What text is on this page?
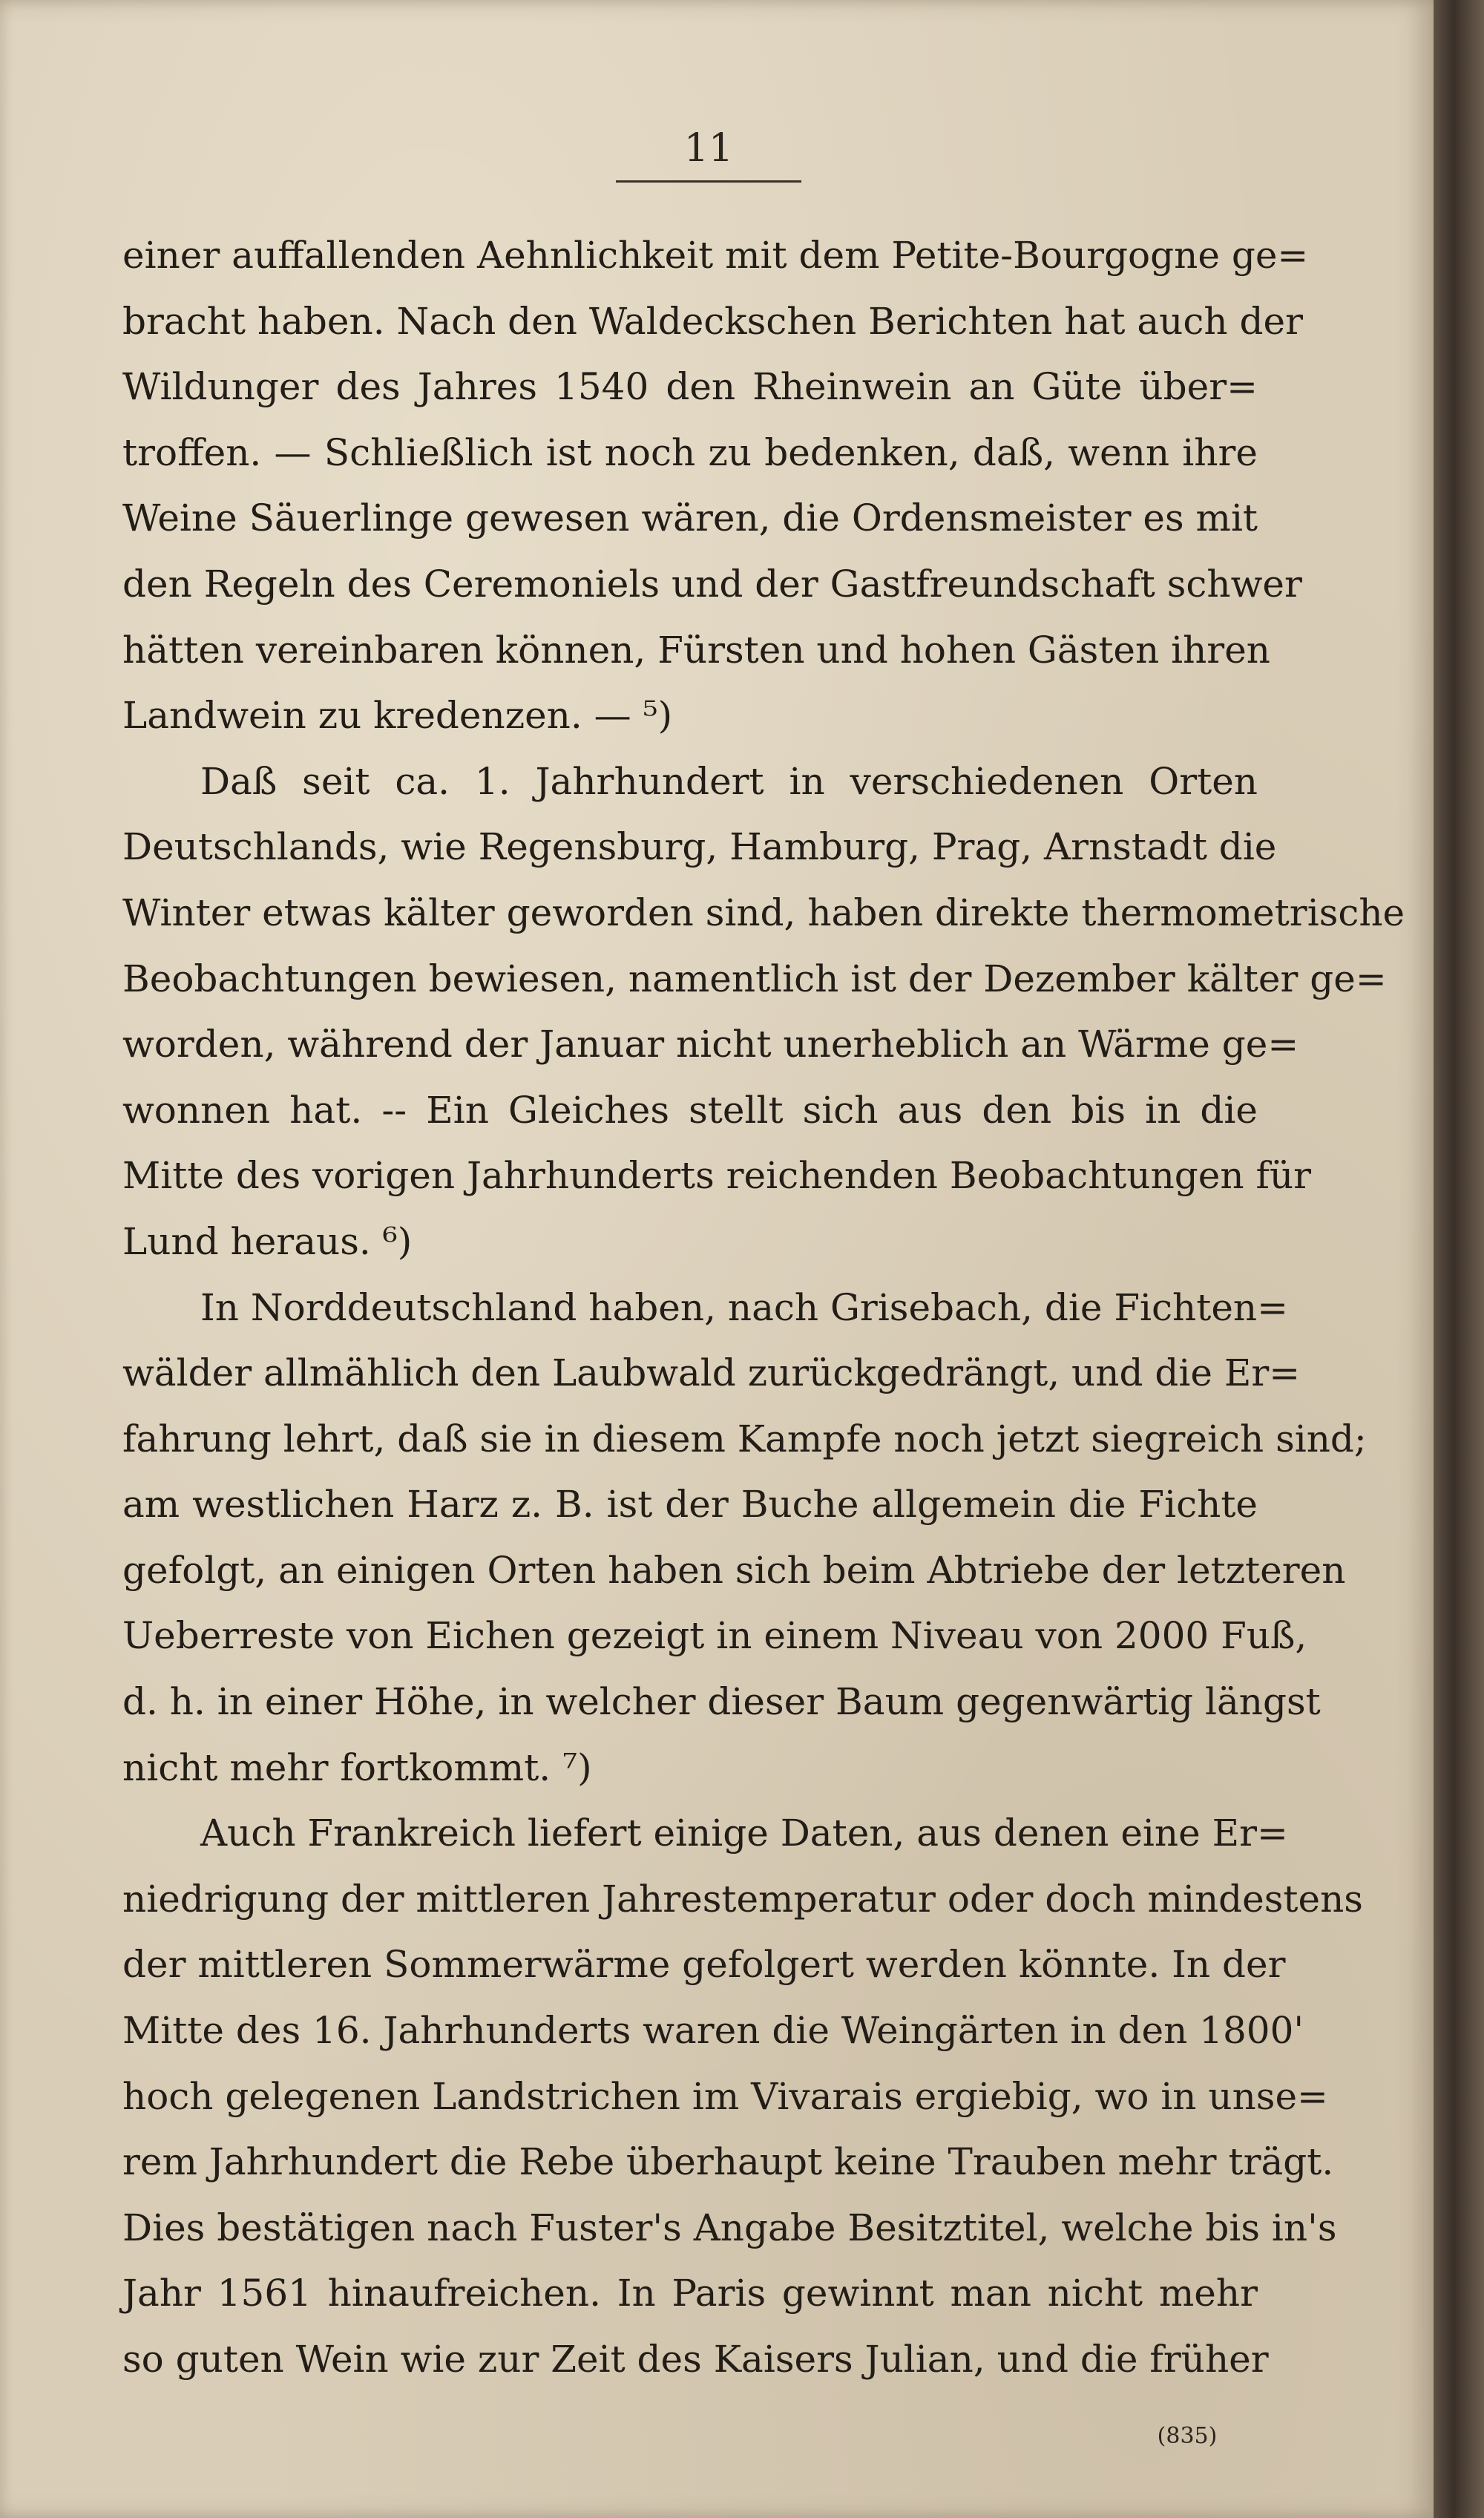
11
einer auffallenden Aehnlichkeit mit dem Petite-Bourgogne ge=
bracht haben. Nach den Waldeckschen Berichten hat auch der
Wildunger des Jahres 1540 den Rheinwein an Güte über=
troffen. — Schließlich ist noch zu bedenken, daß, wenn ihre
Weine Säuerlinge gewesen wären, die Ordensmeister es mit
den Regeln des Ceremoniels und der Gastfreundschaft schwer
hätten vereinbaren können, Fürsten und hohen Gästen ihren
Landwein zu kredenzen. — ⁵)
Daß seit ca. 1. Jahrhundert in verschiedenen Orten
Deutschlands, wie Regensburg, Hamburg, Prag, Arnstadt die
Winter etwas kälter geworden sind, haben direkte thermometrische
Beobachtungen bewiesen, namentlich ist der Dezember kälter ge=
worden, während der Januar nicht unerheblich an Wärme ge=
wonnen hat. -- Ein Gleiches stellt sich aus den bis in die
Mitte des vorigen Jahrhunderts reichenden Beobachtungen für
Lund heraus. ⁶)
In Norddeutschland haben, nach Grisebach, die Fichten=
wälder allmählich den Laubwald zurückgedrängt, und die Er=
fahrung lehrt, daß sie in diesem Kampfe noch jetzt siegreich sind;
am westlichen Harz z. B. ist der Buche allgemein die Fichte
gefolgt, an einigen Orten haben sich beim Abtriebe der letzteren
Ueberreste von Eichen gezeigt in einem Niveau von 2000 Fuß,
d. h. in einer Höhe, in welcher dieser Baum gegenwärtig längst
nicht mehr fortkommt. ⁷)
Auch Frankreich liefert einige Daten, aus denen eine Er=
niedrigung der mittleren Jahrestemperatur oder doch mindestens
der mittleren Sommerwärme gefolgert werden könnte. In der
Mitte des 16. Jahrhunderts waren die Weingärten in den 1800'
hoch gelegenen Landstrichen im Vivarais ergiebig, wo in unse=
rem Jahrhundert die Rebe überhaupt keine Trauben mehr trägt.
Dies bestätigen nach Fuster's Angabe Besitztitel, welche bis in's
Jahr 1561 hinaufreichen. In Paris gewinnt man nicht mehr
so guten Wein wie zur Zeit des Kaisers Julian, und die früher
(835)
